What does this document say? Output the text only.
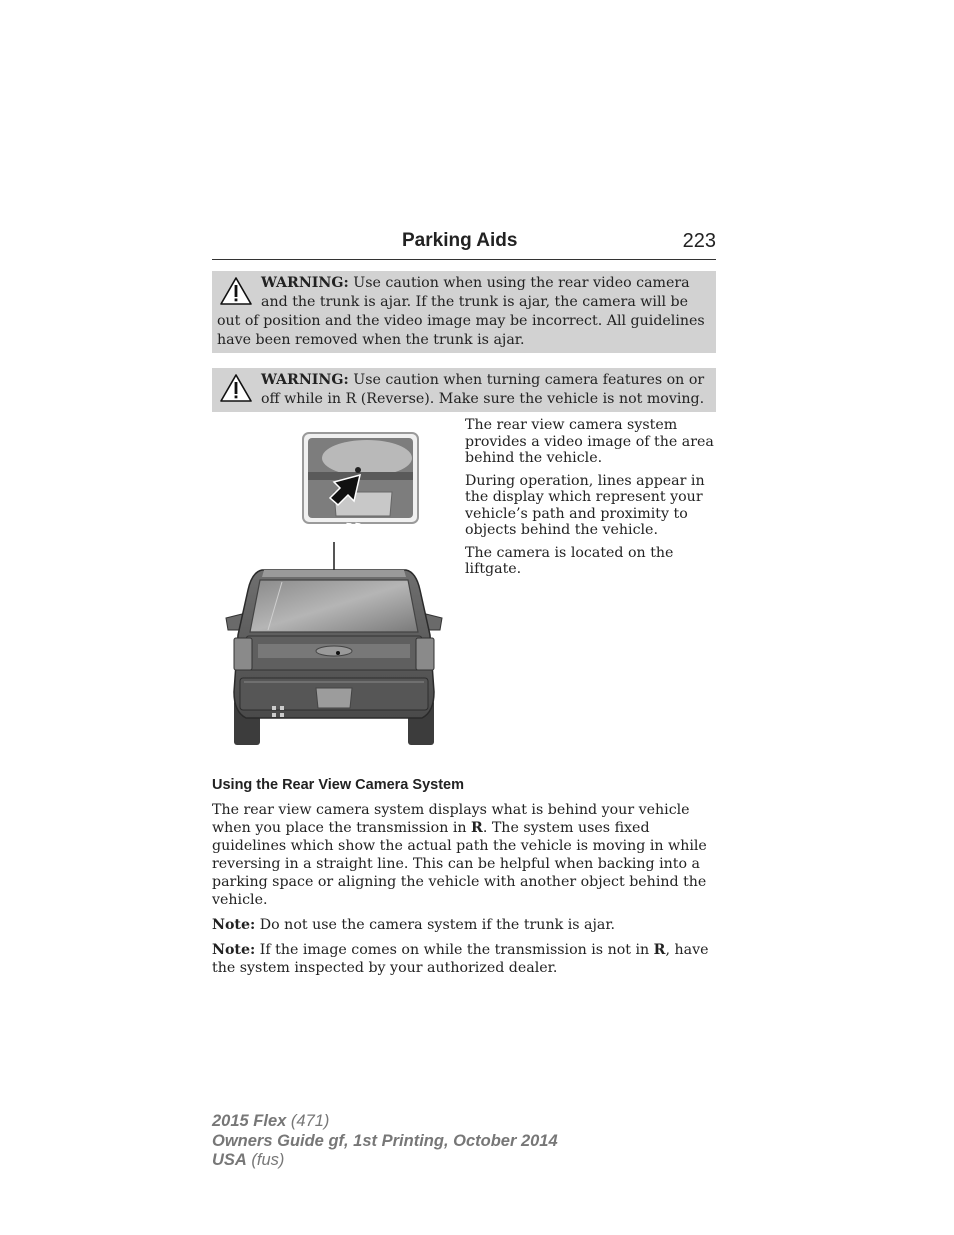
Parking Aids	223
WARNING: Use caution when using the rear video camera and the trunk is ajar. If the trunk is ajar, the camera will be out of position and the video image may be incorrect. All guidelines have been removed when the trunk is ajar.
WARNING: Use caution when turning camera features on or off while in R (Reverse). Make sure the vehicle is not moving.

The rear view camera system provides a video image of the area behind the vehicle.

During operation, lines appear in the display which represent your vehicle’s path and proximity to objects behind the vehicle.

The camera is located on the liftgate.

Using the Rear View Camera System

The rear view camera system displays what is behind your vehicle when you place the transmission in R. The system uses fixed guidelines which show the actual path the vehicle is moving in while reversing in a straight line. This can be helpful when backing into a parking space or aligning the vehicle with another object behind the vehicle.

Note: Do not use the camera system if the trunk is ajar.

Note: If the image comes on while the transmission is not in R, have the system inspected by your authorized dealer.

2015 Flex (471)
Owners Guide gf, 1st Printing, October 2014
USA (fus)
